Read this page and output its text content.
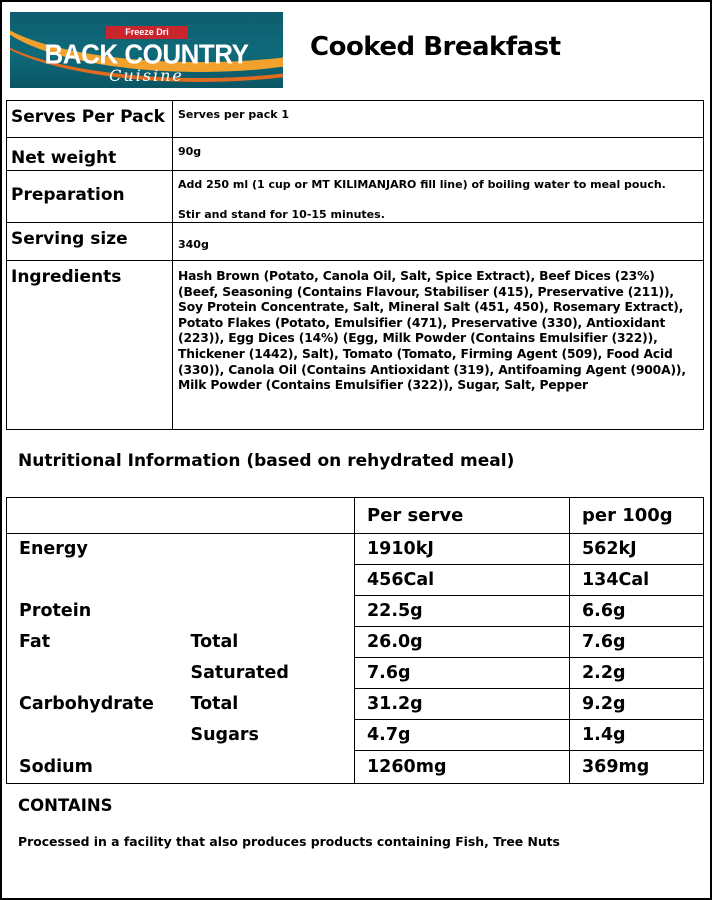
Freeze Dri
BACK COUNTRY
Cuisine
Cooked Breakfast
Serves Per Pack	Serves per pack 1
Net weight	90g
Preparation	Add 250 ml (1 cup or MT KILIMANJARO fill line) of boiling water to meal pouch.
Stir and stand for 10-15 minutes.

Serving size	340g
Ingredients	Hash Brown (Potato, Canola Oil, Salt, Spice Extract), Beef Dices (23%) (Beef, Seasoning (Contains Flavour, Stabiliser (415), Preservative (211)), Soy Protein Concentrate, Salt, Mineral Salt (451, 450), Rosemary Extract), Potato Flakes (Potato, Emulsifier (471), Preservative (330), Antioxidant (223)), Egg Dices (14%) (Egg, Milk Powder (Contains Emulsifier (322)), Thickener (1442), Salt), Tomato (Tomato, Firming Agent (509), Food Acid (330)), Canola Oil (Contains Antioxidant (319), Antifoaming Agent (900A)), Milk Powder (Contains Emulsifier (322)), Sugar, Salt, Pepper
Nutritional Information (based on rehydrated meal)
		Per serve	per 100g
Energy		1910kJ	562kJ
		456Cal	134Cal
Protein		22.5g	6.6g
Fat	Total	26.0g	7.6g
	Saturated	7.6g	2.2g
Carbohydrate	Total	31.2g	9.2g
	Sugars	4.7g	1.4g
Sodium		1260mg	369mg
CONTAINS
Processed in a facility that also produces products containing Fish, Tree Nuts
